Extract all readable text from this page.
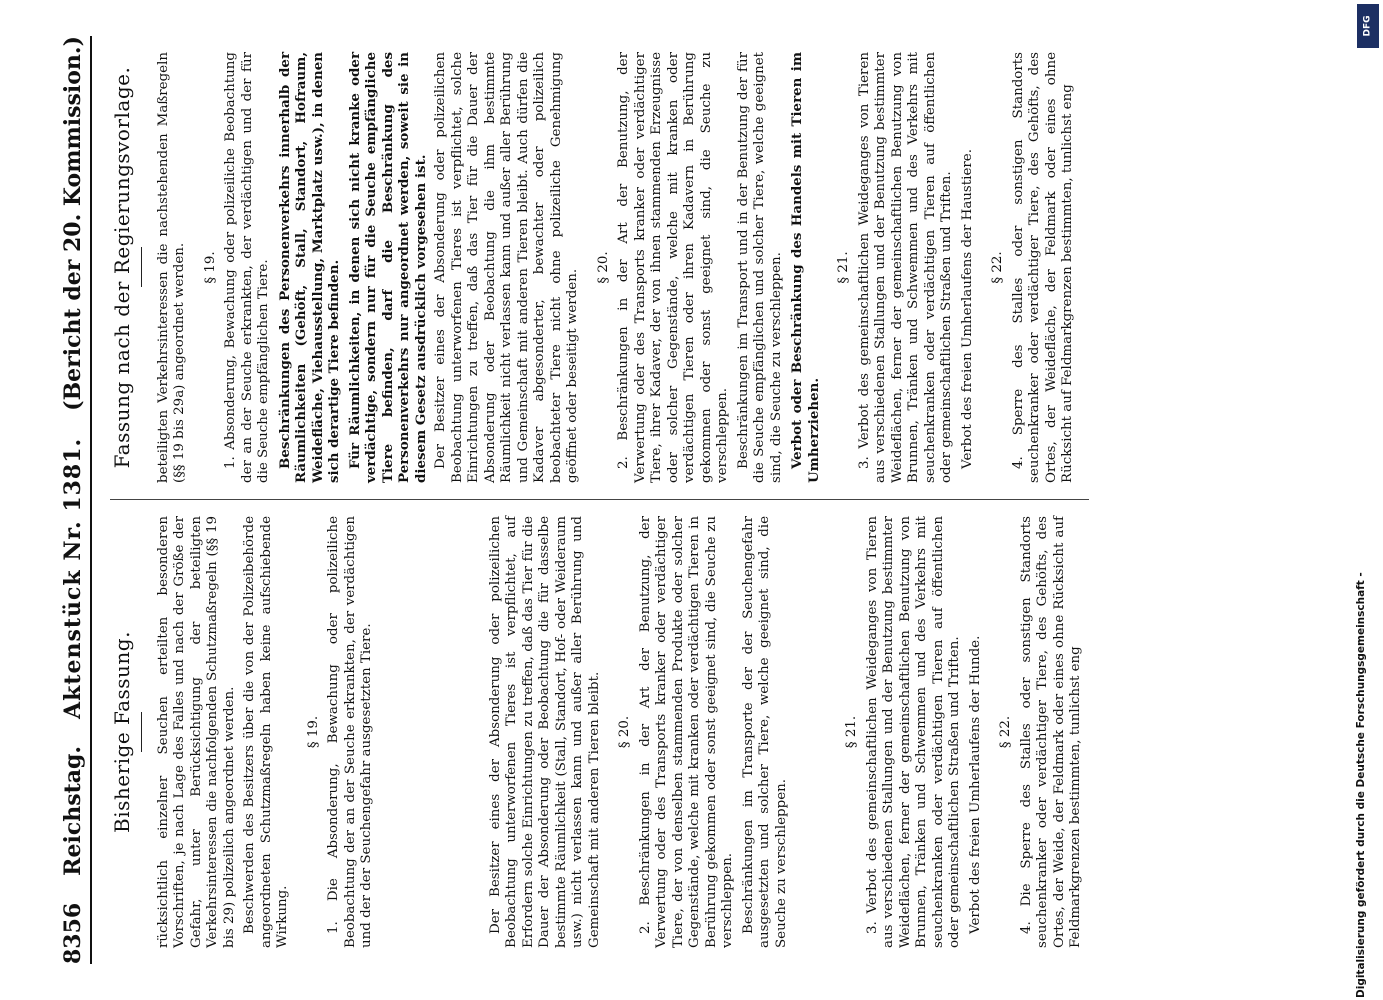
8356
Reichstag.
Aktenstück Nr. 1381.
(Bericht der 20. Kommission.)
Bisherige Fassung. rücksichtlich einzelner Seuchen erteilten besonderen Vorschriften, je nach Lage des Falles und nach der Größe der Gefahr, unter Berücksichtigung der beteiligten Verkehrsinteressen die nachfolgenden Schutzmaßregeln (§§ 19 bis 29) polizeilich angeordnet werden. Beschwerden des Besitzers über die von der Polizeibehörde angeordneten Schutzmaßregeln haben keine aufschiebende Wirkung.

§ 19. 1. Die Absonderung, Bewachung oder polizeiliche Beobachtung der an der Seuche erkrankten, der verdächtigen und der der Seuchengefahr ausgesetzten Tiere.	Der Besitzer eines der Absonderung oder polizeilichen Beobachtung unterworfenen Tieres ist verpflichtet, auf Erfordern solche Einrichtungen zu treffen, daß das Tier für die Dauer der Absonderung oder Beobachtung die für dasselbe bestimmte Räumlichkeit (Stall, Standort, Hof- oder Weideraum usw.) nicht verlassen kann und außer aller Berührung und Gemeinschaft mit anderen Tieren bleibt. § 20. 2. Beschränkungen in der Art der Benutzung, der Verwertung oder des Transports kranker oder verdächtiger Tiere, der von denselben stammenden Produkte oder solcher Gegenstände, welche mit kranken oder verdächtigen Tieren in Berührung gekommen oder sonst geeignet sind, die Seuche zu verschleppen. Beschränkungen im Transporte der der Seuchengefahr ausgesetzten und solcher Tiere, welche geeignet sind, die Seuche zu verschleppen.

§ 21. 3. Verbot des gemeinschaftlichen Weideganges von Tieren aus verschiedenen Stallungen und der Benutzung bestimmter Weideflächen, ferner der gemeinschaftlichen Benutzung von Brunnen, Tränken und Schwemmen und des Verkehrs mit seuchenkranken oder verdächtigen Tieren auf öffentlichen oder gemeinschaftlichen Straßen und Triften. Verbot des freien Umherlaufens der Hunde. § 22. 4. Die Sperre des Stalles oder sonstigen Standorts seuchenkranker oder verdächtiger Tiere, des Gehöfts, des Ortes, der Weide, der Feldmark oder eines ohne Rücksicht auf Feldmarkgrenzen bestimmten, tunlichst eng

Fassung nach der Regierungsvorlage. beteiligten Verkehrsinteressen die nachstehenden Maßregeln (§§ 19 bis 29a) angeordnet werden. § 19. 1. Absonderung, Bewachung oder polizeiliche Beobachtung der an der Seuche erkrankten, der verdächtigen und der für die Seuche empfänglichen Tiere. Beschränkungen des Personenverkehrs innerhalb der Räumlichkeiten (Gehöft, Stall, Standort, Hofraum, Weidefläche, Viehausstellung, Marktplatz usw.), in denen sich derartige Tiere befinden. Für Räumlichkeiten, in denen sich nicht kranke oder verdächtige, sondern nur für die Seuche empfängliche Tiere befinden, darf die Beschränkung des Personenverkehrs nur angeordnet werden, soweit sie in diesem Gesetz ausdrücklich vorgesehen ist. Der Besitzer eines der Absonderung oder polizeilichen Beobachtung unterworfenen Tieres ist verpflichtet, solche Einrichtungen zu treffen, daß das Tier für die Dauer der Absonderung oder Beobachtung die ihm bestimmte Räumlichkeit nicht verlassen kann und außer aller Berührung und Gemeinschaft mit anderen Tieren bleibt. Auch dürfen die Kadaver abgesonderter, bewachter oder polizeilich beobachteter Tiere nicht ohne polizeiliche Genehmigung geöffnet oder beseitigt werden.

§ 20. 2. Beschränkungen in der Art der Benutzung, der Verwertung oder des Transports kranker oder verdächtiger Tiere, ihrer Kadaver, der von ihnen stammenden Erzeugnisse oder solcher Gegenstände, welche mit kranken oder verdächtigen Tieren oder ihren Kadavern in Berührung gekommen oder sonst geeignet sind, die Seuche zu verschleppen. Beschränkungen im Transport und in der Benutzung der für die Seuche empfänglichen und solcher Tiere, welche geeignet sind, die Seuche zu verschleppen. Verbot oder Beschränkung des Handels mit Tieren im Umherziehen.

§ 21. 3. Verbot des gemeinschaftlichen Weideganges von Tieren aus verschiedenen Stallungen und der Benutzung bestimmter Weideflächen, ferner der gemeinschaftlichen Benutzung von Brunnen, Tränken und Schwemmen und des Verkehrs mit seuchenkranken oder verdächtigen Tieren auf öffentlichen oder gemeinschaftlichen Straßen und Triften. Verbot des freien Umherlaufens der Haustiere. § 22. 4. Sperre des Stalles oder sonstigen Standorts seuchenkranker oder verdächtiger Tiere, des Gehöfts, des Ortes, der Weidefläche, der Feldmark oder eines ohne Rücksicht auf Feldmarkgrenzen bestimmten, tunlichst eng

Digitalisierung gefördert durch die Deutsche Forschungsgemeinschaft -
DFG
